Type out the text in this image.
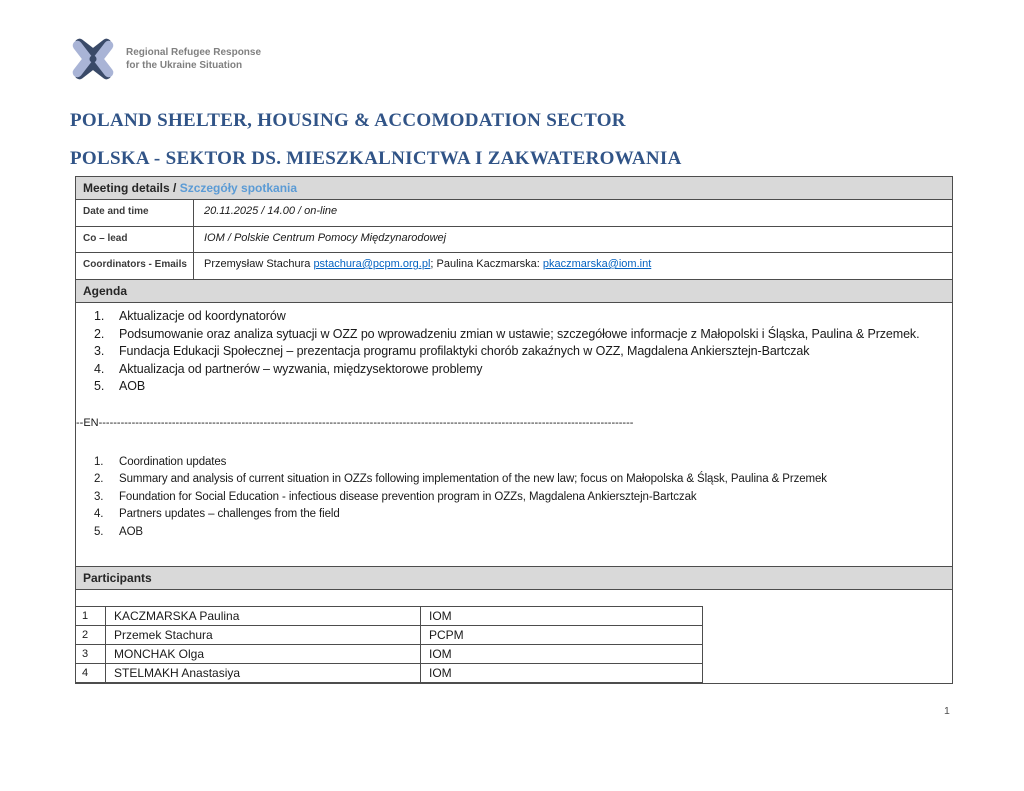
Regional Refugee Response
for the Ukraine Situation
POLAND SHELTER, HOUSING & ACCOMODATION SECTOR
POLSKA - SEKTOR DS. MIESZKALNICTWA I ZAKWATEROWANIA
Meeting details / Szczegóły spotkania
Date and time	20.11.2025 / 14.00 / on-line
Co – lead	IOM / Polskie Centrum Pomocy Międzynarodowej
Coordinators - Emails	Przemysław Stachura pstachura@pcpm.org.pl; Paulina Kaczmarska: pkaczmarska@iom.int
Agenda
1.	Aktualizacje od koordynatorów
2.	Podsumowanie oraz analiza sytuacji w OZZ po wprowadzeniu zmian w ustawie; szczegółowe informacje z Małopolski i Śląska, Paulina & Przemek.
3.	Fundacja Edukacji Społecznej – prezentacja programu profilaktyki chorób zakaźnych w OZZ, Magdalena Ankiersztejn-Bartczak
4.	Aktualizacja od partnerów – wyzwania, międzysektorowe problemy
5.	AOB
--EN--------------------------------------------------------------------------------------------------------------------------------------------------
1.	Coordination updates
2.	Summary and analysis of current situation in OZZs following implementation of the new law; focus on Małopolska & Śląsk, Paulina & Przemek
3.	Foundation for Social Education - infectious disease prevention program in OZZs, Magdalena Ankiersztejn-Bartczak
4.	Partners updates – challenges from the field
5.	AOB
Participants
1	KACZMARSKA Paulina	IOM
2	Przemek Stachura	PCPM
3	MONCHAK Olga	IOM
4	STELMAKH Anastasiya	IOM
1
